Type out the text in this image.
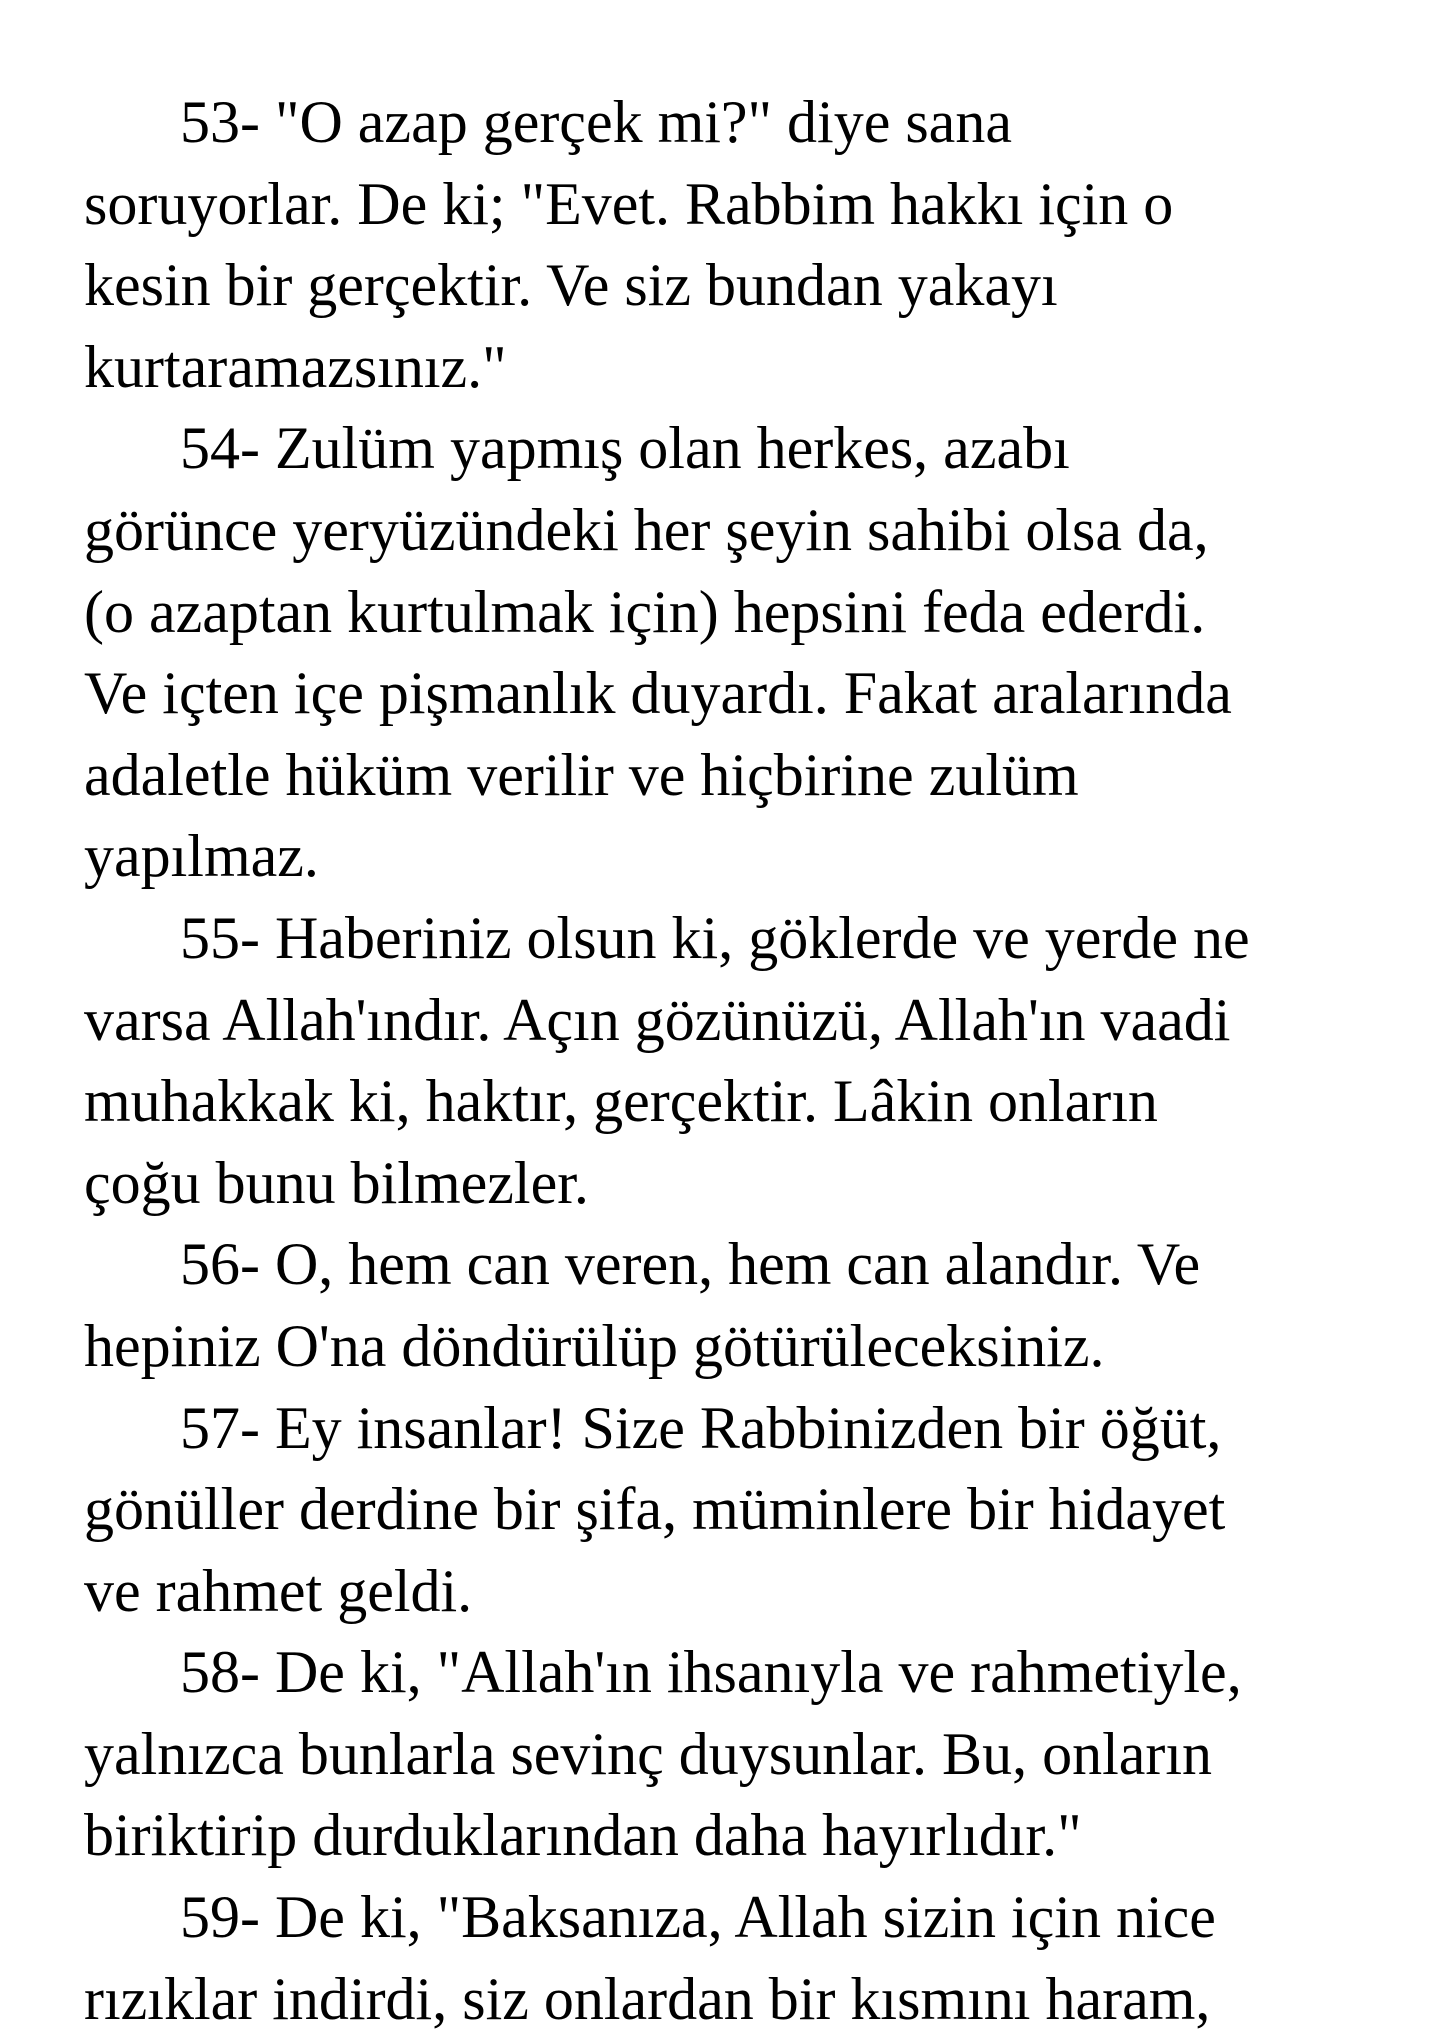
53- "O azap gerçek mi?" diye sana
soruyorlar. De ki; "Evet. Rabbim hakkı için o
kesin bir gerçektir. Ve siz bundan yakayı
kurtaramazsınız."
54- Zulüm yapmış olan herkes, azabı
görünce yeryüzündeki her şeyin sahibi olsa da,
(o azaptan kurtulmak için) hepsini feda ederdi.
Ve içten içe pişmanlık duyardı. Fakat aralarında
adaletle hüküm verilir ve hiçbirine zulüm
yapılmaz.
55- Haberiniz olsun ki, göklerde ve yerde ne
varsa Allah'ındır. Açın gözünüzü, Allah'ın vaadi
muhakkak ki, haktır, gerçektir. Lâkin onların
çoğu bunu bilmezler.
56- O, hem can veren, hem can alandır. Ve
hepiniz O'na döndürülüp götürüleceksiniz.
57- Ey insanlar! Size Rabbinizden bir öğüt,
gönüller derdine bir şifa, müminlere bir hidayet
ve rahmet geldi.
58- De ki, "Allah'ın ihsanıyla ve rahmetiyle,
yalnızca bunlarla sevinç duysunlar. Bu, onların
biriktirip durduklarından daha hayırlıdır."
59- De ki, "Baksanıza, Allah sizin için nice
rızıklar indirdi, siz onlardan bir kısmını haram,
